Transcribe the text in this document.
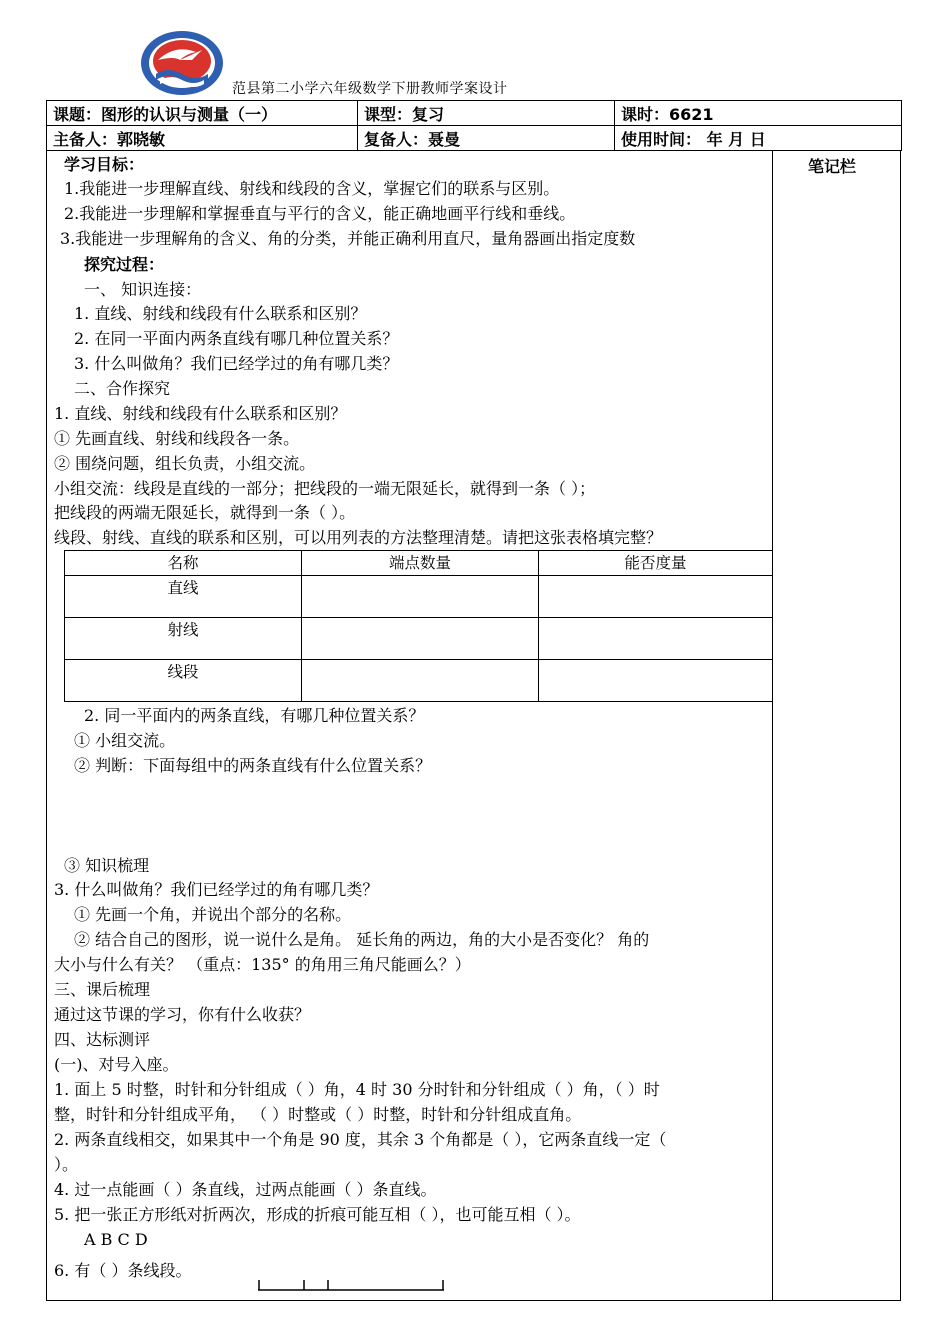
范县第二小学六年级数学下册教师学案设计
课题：图形的认识与测量（一）	课型：复习	课时：6621
主备人：郭晓敏	复备人：聂曼	使用时间： 年 月 日
笔记栏
学习目标：
1.我能进一步理解直线、射线和线段的含义，掌握它们的联系与区别。
2.我能进一步理解和掌握垂直与平行的含义，能正确地画平行线和垂线。
3.我能进一步理解角的含义、角的分类，并能正确利用直尺，量角器画出指定度数
探究过程：
一、 知识连接：
1. 直线、射线和线段有什么联系和区别？
2. 在同一平面内两条直线有哪几种位置关系？
3. 什么叫做角？我们已经学过的角有哪几类？
二、合作探究
1. 直线、射线和线段有什么联系和区别？
① 先画直线、射线和线段各一条。
② 围绕问题，组长负责，小组交流。
小组交流：线段是直线的一部分；把线段的一端无限延长，就得到一条（ ）；
把线段的两端无限延长，就得到一条（ ）。
线段、射线、直线的联系和区别，可以用列表的方法整理清楚。请把这张表格填完整？
名称	端点数量	能否度量
直线		
射线		
线段		
2. 同一平面内的两条直线，有哪几种位置关系？
① 小组交流。
② 判断：下面每组中的两条直线有什么位置关系？
③ 知识梳理
3. 什么叫做角？我们已经学过的角有哪几类？
① 先画一个角，并说出个部分的名称。
② 结合自己的图形，说一说什么是角。 延长角的两边，角的大小是否变化？ 角的
大小与什么有关？ （重点：135° 的角用三角尺能画么？）
三、课后梳理
通过这节课的学习，你有什么收获？
四、达标测评
(一)、对号入座。
1. 面上 5 时整，时针和分针组成（ ）角，4 时 30 分时针和分针组成（ ）角，（ ）时
整，时针和分针组成平角， （ ）时整或（ ）时整，时针和分针组成直角。
2. 两条直线相交，如果其中一个角是 90 度，其余 3 个角都是（ ），它两条直线一定（
）。
4. 过一点能画（ ）条直线，过两点能画（ ）条直线。
5. 把一张正方形纸对折两次，形成的折痕可能互相（ ），也可能互相（ ）。
A B C D
6. 有（ ）条线段。
